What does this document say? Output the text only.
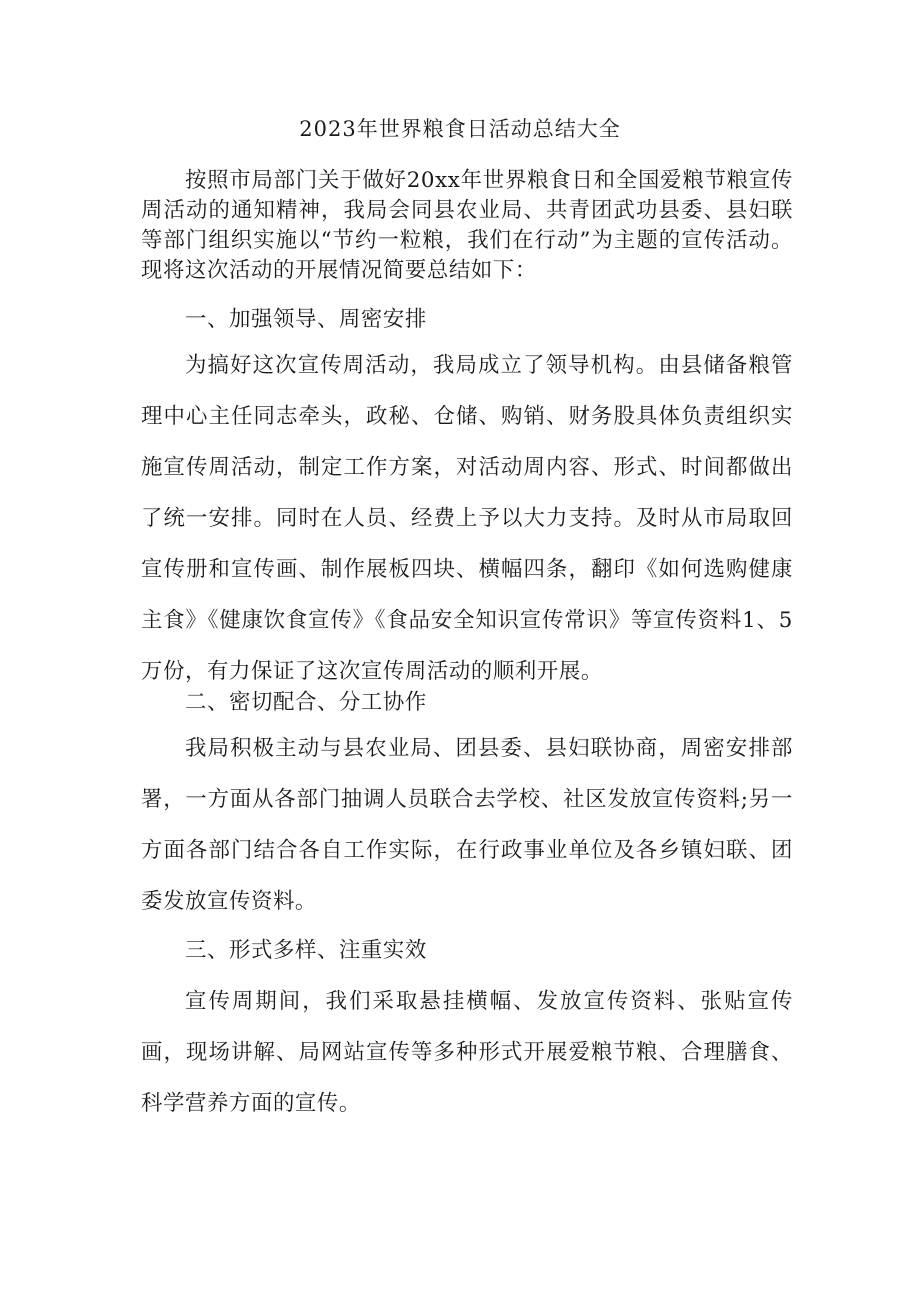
2023年世界粮食日活动总结大全

按照市局部门关于做好20xx年世界粮食日和全国爱粮节粮宣传周活动的通知精神，我局会同县农业局、共青团武功县委、县妇联等部门组织实施以“节约一粒粮，我们在行动”为主题的宣传活动。现将这次活动的开展情况简要总结如下：

一、加强领导、周密安排

为搞好这次宣传周活动，我局成立了领导机构。由县储备粮管理中心主任同志牵头，政秘、仓储、购销、财务股具体负责组织实施宣传周活动，制定工作方案，对活动周内容、形式、时间都做出了统一安排。同时在人员、经费上予以大力支持。及时从市局取回宣传册和宣传画、制作展板四块、横幅四条，翻印《如何选购健康主食》《健康饮食宣传》《食品安全知识宣传常识》等宣传资料1、5万份，有力保证了这次宣传周活动的顺利开展。

二、密切配合、分工协作

我局积极主动与县农业局、团县委、县妇联协商，周密安排部署，一方面从各部门抽调人员联合去学校、社区发放宣传资料;另一方面各部门结合各自工作实际，在行政事业单位及各乡镇妇联、团委发放宣传资料。

三、形式多样、注重实效

宣传周期间，我们采取悬挂横幅、发放宣传资料、张贴宣传画，现场讲解、局网站宣传等多种形式开展爱粮节粮、合理膳食、科学营养方面的宣传。
